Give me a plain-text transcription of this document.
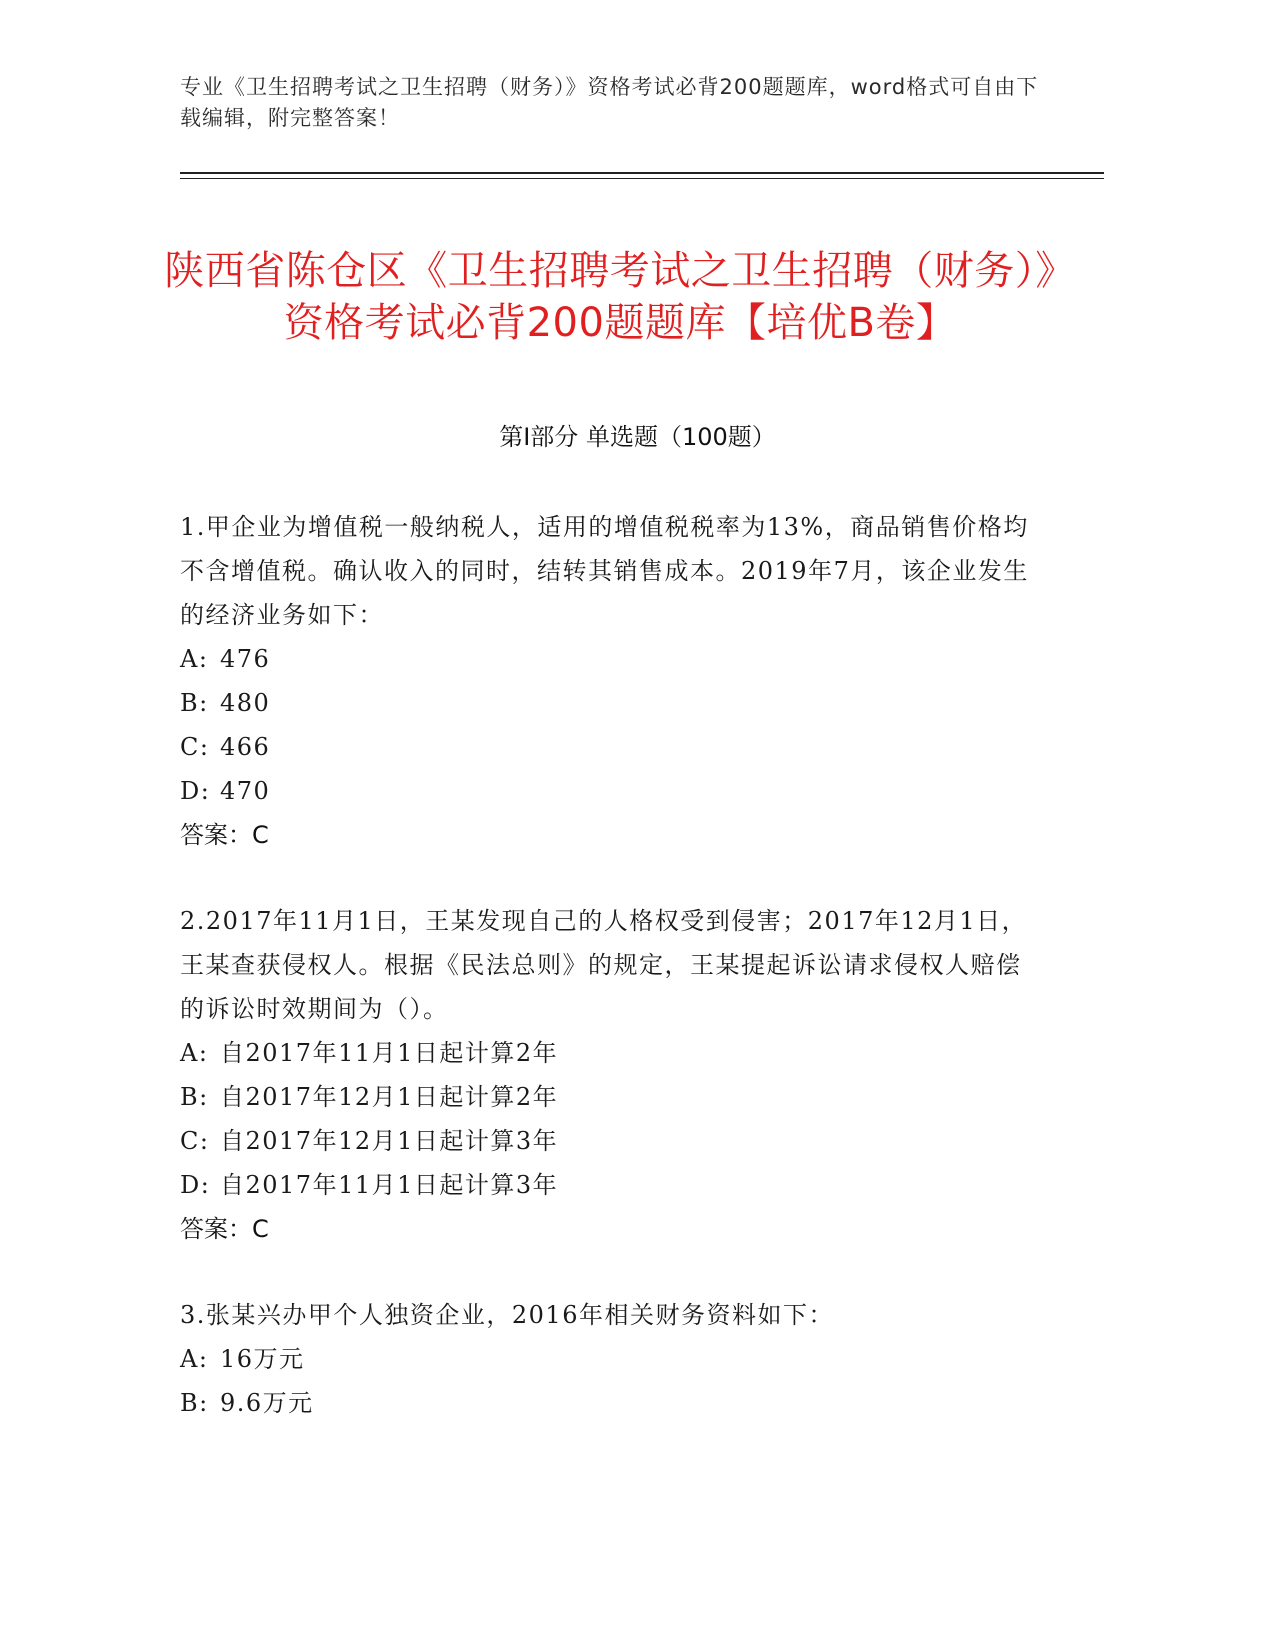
专业《卫生招聘考试之卫生招聘（财务）》资格考试必背200题题库，word格式可自由下载编辑，附完整答案！
陕西省陈仓区《卫生招聘考试之卫生招聘（财务）》资格考试必背200题题库【培优B卷】
第I部分 单选题（100题）

1.甲企业为增值税一般纳税人，适用的增值税税率为13%，商品销售价格均不含增值税。确认收入的同时，结转其销售成本。2019年7月，该企业发生的经济业务如下：

A: 476

B: 480

C: 466

D: 470

答案：C

2.2017年11月1日，王某发现自己的人格权受到侵害；2017年12月1日，王某查获侵权人。根据《民法总则》的规定，王某提起诉讼请求侵权人赔偿的诉讼时效期间为（）。

A: 自2017年11月1日起计算2年

B: 自2017年12月1日起计算2年

C: 自2017年12月1日起计算3年

D: 自2017年11月1日起计算3年

答案：C

3.张某兴办甲个人独资企业，2016年相关财务资料如下：

A: 16万元

B: 9.6万元
